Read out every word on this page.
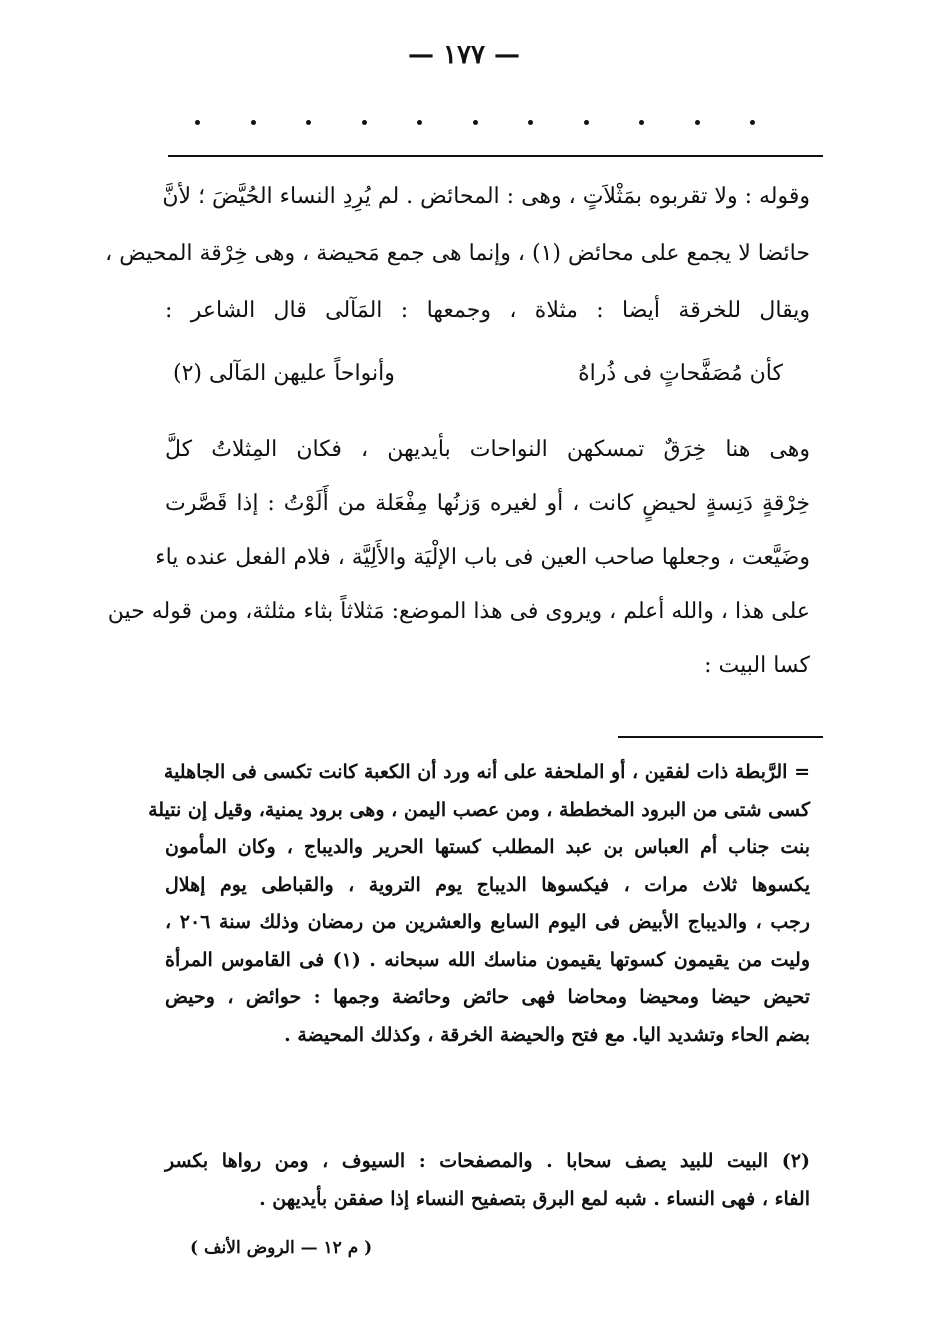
— ١٧٧ —
وقوله : ولا تقربوه بمَثْلاَتٍ ، وهى : المحائض . لم يُرِدِ النساء الحُيَّضَ ؛ لأنَّ
حائضا لا يجمع على محائض (١) ، وإنما هى جمع مَحيضة ، وهى خِرْقة المحيض ،
ويقال للخرقة أيضا : مثلاة ، وجمعها : المَآلى قال الشاعر :
كأن مُصَفَّحاتٍ فى ذُراهُ
وأنواحاً عليهن المَآلى (٢)
وهى هنا خِرَقٌ تمسكهن النواحات بأيديهن ، فكان المِثلاتُ كلَّ
خِرْقةٍ دَنِسةٍ لحيضٍ كانت ، أو لغيره وَزنُها مِفْعَلة من أَلَوْتُ : إذا قَصَّرت
وضَيَّعت ، وجعلها صاحب العين فى باب الإلْيَة والأَلِيَّة ، فلام الفعل عنده ياء
على هذا ، والله أعلم ، ويروى فى هذا الموضع: مَثلاثاً بثاء مثلثة، ومن قوله حين
كسا البيت :
= الرَّبطة ذات لفقين ، أو الملحفة على أنه ورد أن الكعبة كانت تكسى فى الجاهلية
كسى شتى من البرود المخططة ، ومن عصب اليمن ، وهى برود يمنية، وقيل إن نتيلة
بنت جناب أم العباس بن عبد المطلب كستها الحرير والديباج ، وكان المأمون
يكسوها ثلاث مرات ، فيكسوها الديباج يوم التروية ، والقباطى يوم إهلال
رجب ، والديباج الأبيض فى اليوم السابع والعشرين من رمضان وذلك سنة ٢٠٦ ،
وليت من يقيمون كسوتها يقيمون مناسك الله سبحانه . (١) فى القاموس المرأة
تحيض حيضا ومحيضا ومحاضا فهى حائض وحائضة وجمها : حوائض ، وحيض
بضم الحاء وتشديد اليا. مع فتح والحيضة الخرقة ، وكذلك المحيضة .
(٢) البيت للبيد يصف سحابا . والمصفحات : السيوف ، ومن رواها بكسر
الفاء ، فهى النساء . شبه لمع البرق بتصفيح النساء إذا صفقن بأيديهن .
( م ١٢ — الروض الأنف )
